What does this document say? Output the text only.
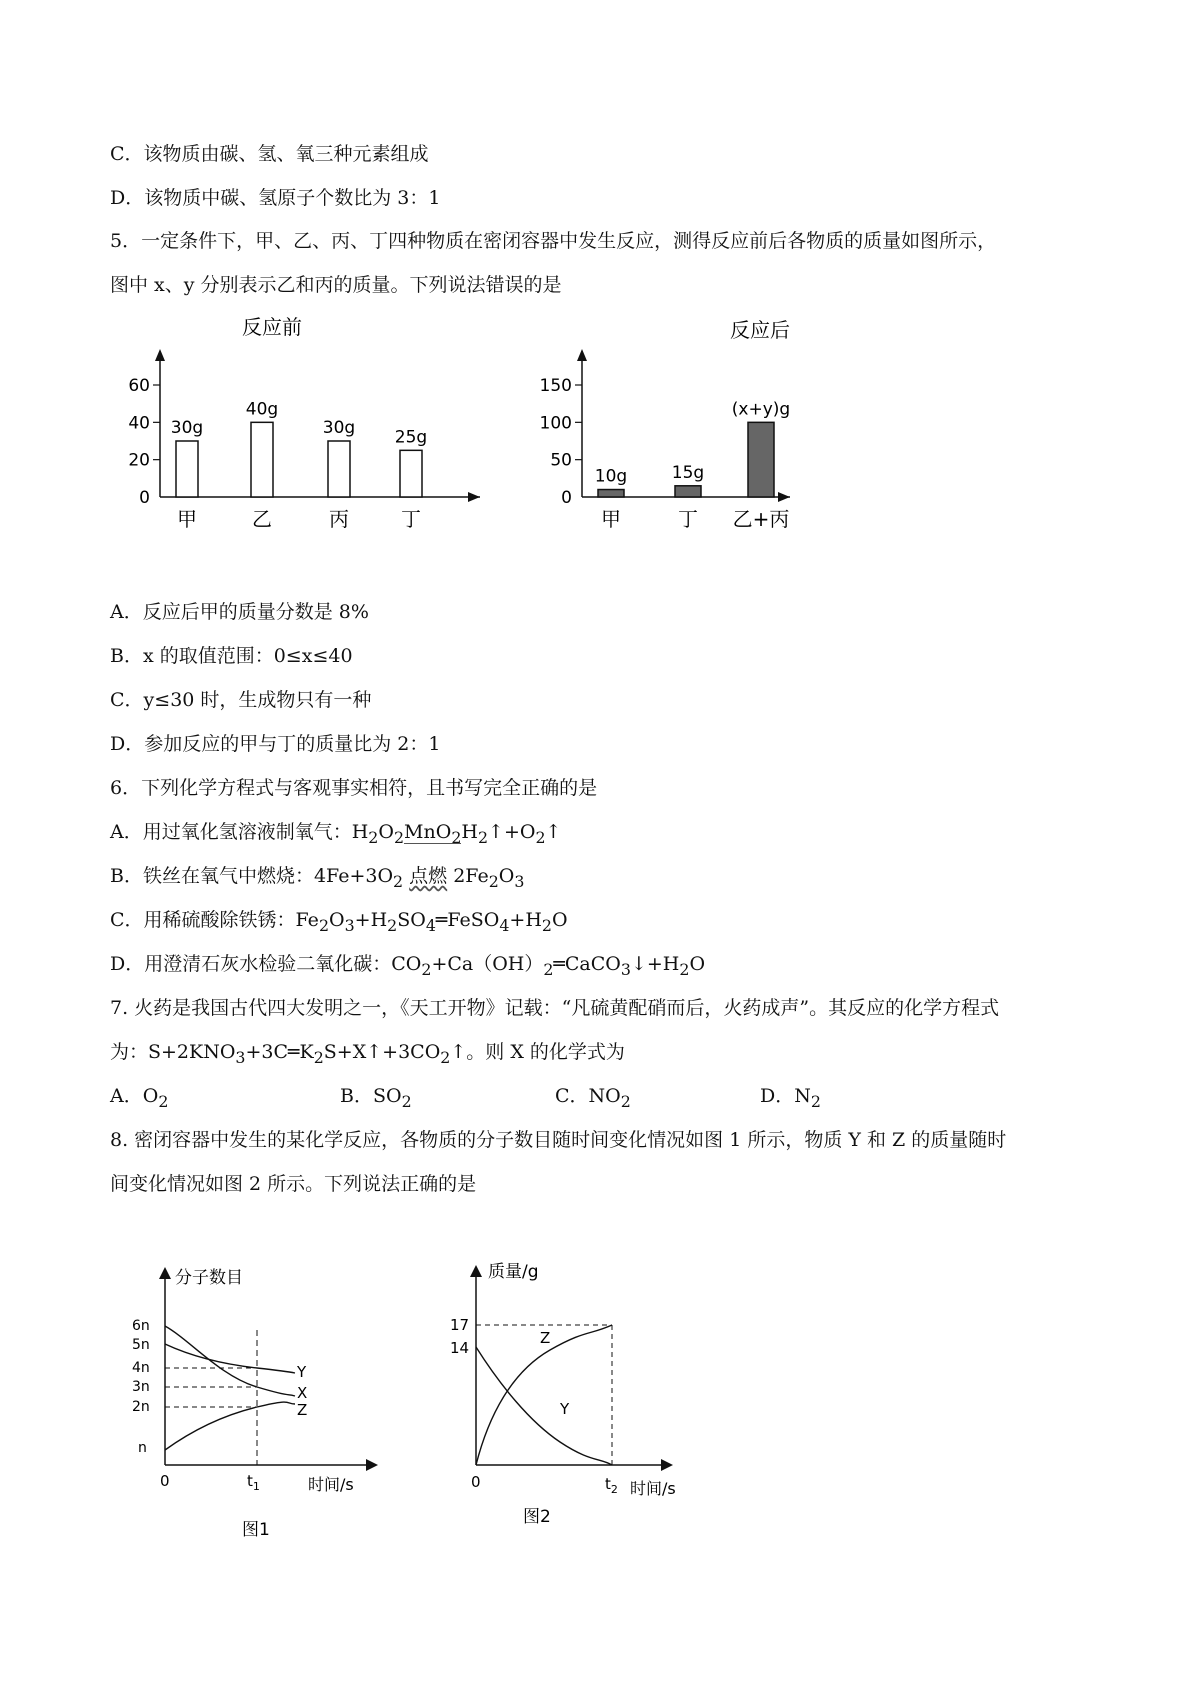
C．该物质由碳、氢、氧三种元素组成
D．该物质中碳、氢原子个数比为 3：1
5．一定条件下，甲、乙、丙、丁四种物质在密闭容器中发生反应，测得反应前后各物质的质量如图所示，
图中 x、y 分别表示乙和丙的质量。下列说法错误的是
反应前
0
20
40
60
30g
甲
40g
乙
30g
丙
25g
丁
反应后
0
50
100
150
10g
甲
15g
丁
(x+y)g
乙+丙
A．反应后甲的质量分数是 8%
B．x 的取值范围：0≤x≤40
C．y≤30 时，生成物只有一种
D．参加反应的甲与丁的质量比为 2：1
6．下列化学方程式与客观事实相符，且书写完全正确的是
A．用过氧化氢溶液制氧气：$H_2O_2MnO_2H_2↑+O_2↑$
B．铁丝在氧气中燃烧：$4Fe+3O_2$ 点燃 $2Fe_2O_3$
C．用稀硫酸除铁锈：$Fe_2O_3+H_2SO_4═FeSO_4+H_2O$
D．用澄清石灰水检验二氧化碳：$CO_2+Ca(OH)_2═CaCO_3↓+H_2O$
7. 火药是我国古代四大发明之一，《天工开物》记载：“凡硫黄配硝而后，火药成声”。其反应的化学方程式
为：$S+2KNO_3+3C═K_2S+X↑+3CO_2↑$。则 X 的化学式为
A．$O_2$	B．$SO_2$	C．$NO_2$	D．$N_2$
8. 密闭容器中发生的某化学反应，各物质的分子数目随时间变化情况如图 1 所示，物质 Y 和 Z 的质量随时
间变化情况如图 2 所示。下列说法正确的是
分子数目
时间/s
0	$t_1$
n
2n
3n
4n
5n
6n
Y
X
Z
图1
质量/g
时间/s
0	$t_2$
14
17
Z
Y
图2
